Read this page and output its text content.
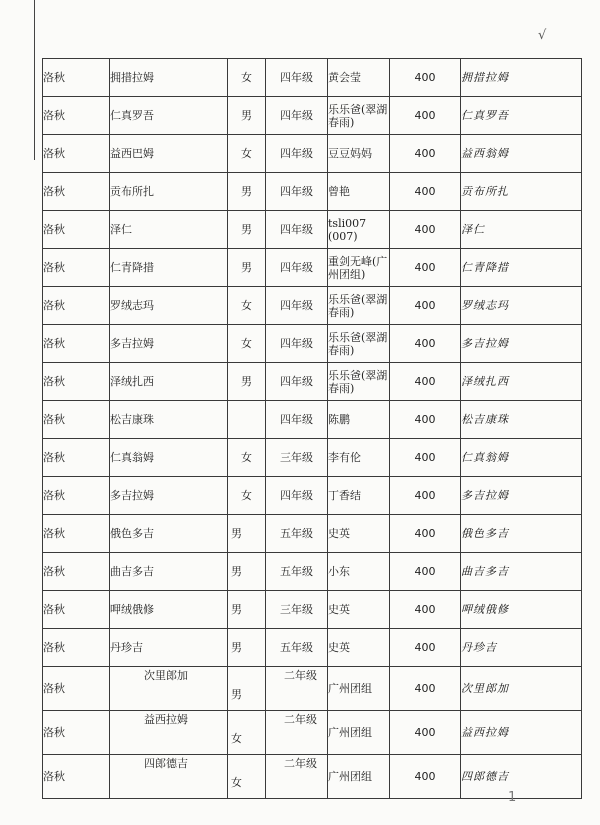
√
洛秋	拥措拉姆	女	四年级	黄会莹	400	拥措拉姆
洛秋	仁真罗吾	男	四年级	乐乐爸(翠湖春雨)	400	仁真罗吾
洛秋	益西巴姆	女	四年级	豆豆妈妈	400	益西翁姆
洛秋	贡布所扎	男	四年级	曾艳	400	贡布所扎
洛秋	泽仁	男	四年级	tsli007 (007)	400	泽仁
洛秋	仁青降措	男	四年级	重剑无峰(广州团组)	400	仁青降措
洛秋	罗绒志玛	女	四年级	乐乐爸(翠湖春雨)	400	罗绒志玛
洛秋	多吉拉姆	女	四年级	乐乐爸(翠湖春雨)	400	多吉拉姆
洛秋	泽绒扎西	男	四年级	乐乐爸(翠湖春雨)	400	泽绒扎西
洛秋	松吉康珠		四年级	陈鹏	400	松吉康珠
洛秋	仁真翁姆	女	三年级	李有伦	400	仁真翁姆
洛秋	多吉拉姆	女	四年级	丁香结	400	多吉拉姆
洛秋	俄色多吉	男	五年级	史英	400	俄色多吉
洛秋	曲吉多吉	男	五年级	小东	400	曲吉多吉
洛秋	呷绒俄修	男	三年级	史英	400	呷绒俄修
洛秋	丹珍吉	男	五年级	史英	400	丹珍吉
洛秋	次里郎加	男	二年级	广州团组	400	次里郎加
洛秋	益西拉姆	女	二年级	广州团组	400	益西拉姆
洛秋	四郎德吉	女	二年级	广州团组	400	四郎德吉
1
